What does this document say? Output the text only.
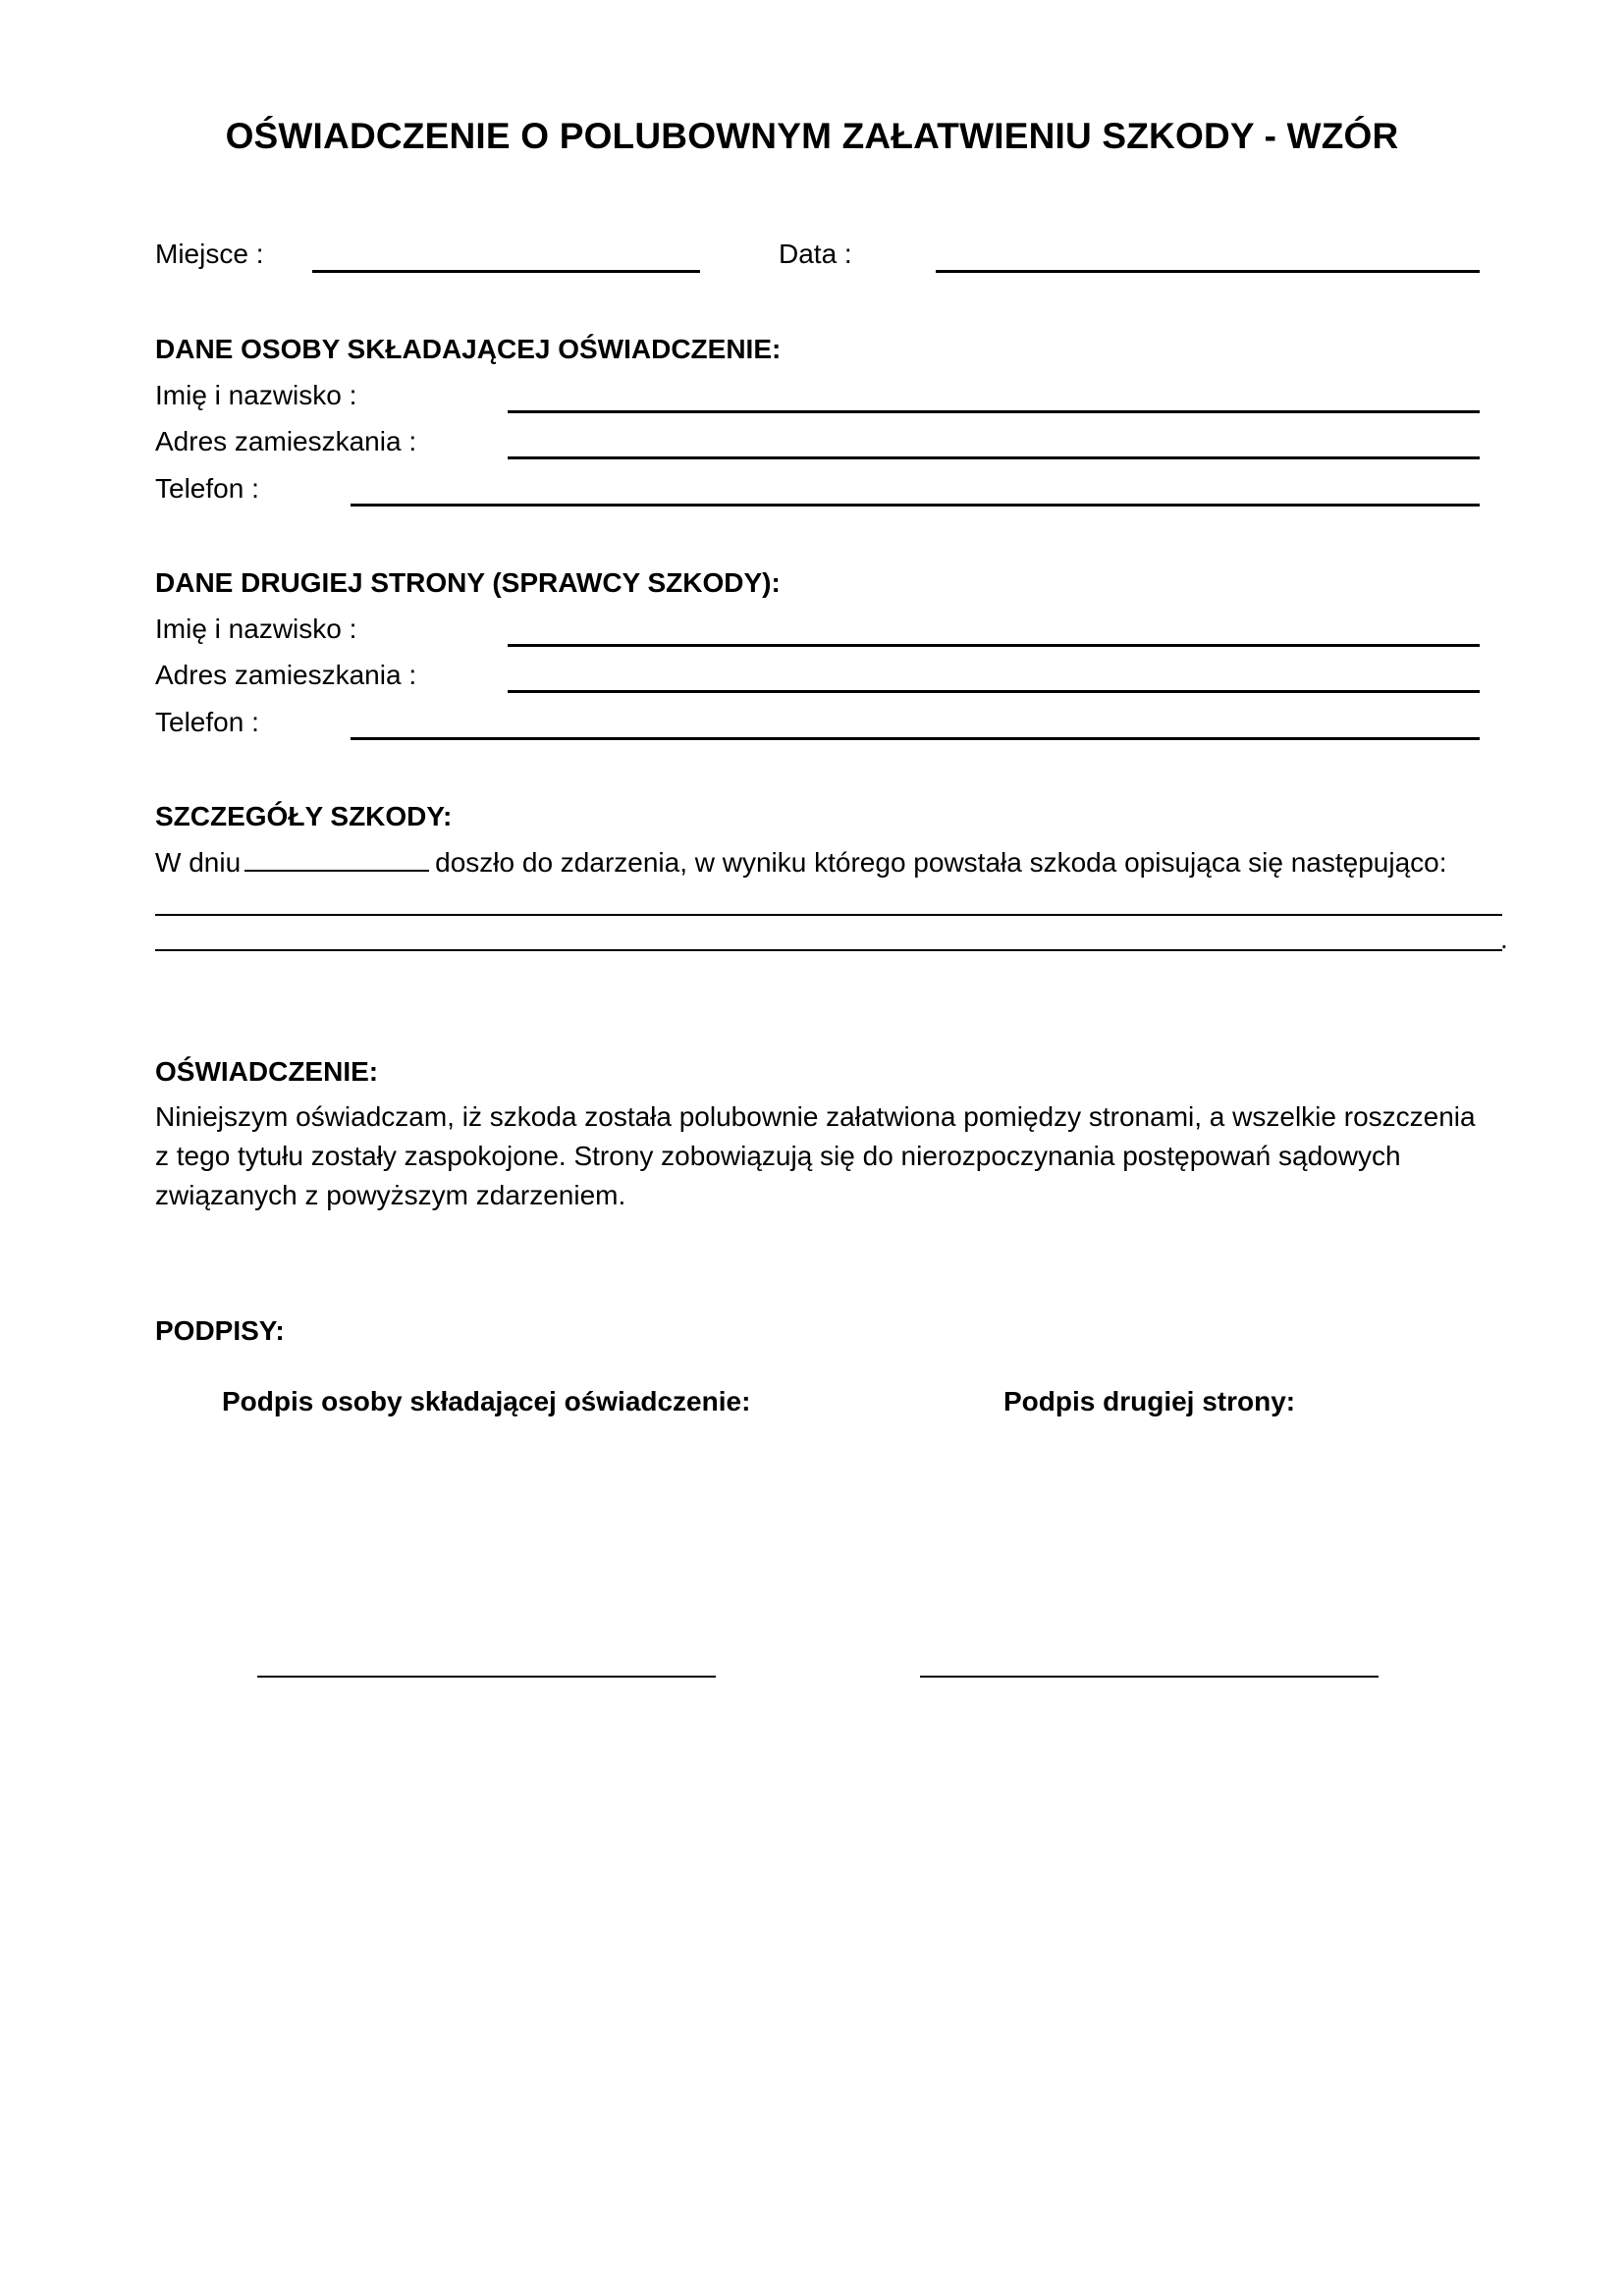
OŚWIADCZENIE O POLUBOWNYM ZAŁATWIENIU SZKODY - WZÓR
Miejsce :	Data :
DANE OSOBY SKŁADAJĄCEJ OŚWIADCZENIE:
Imię i nazwisko :
Adres zamieszkania :
Telefon :
DANE DRUGIEJ STRONY (SPRAWCY SZKODY):
Imię i nazwisko :
Adres zamieszkania :
Telefon :
SZCZEGÓŁY SZKODY:
W dniu	doszło do zdarzenia, w wyniku którego powstała szkoda opisująca się następująco:
.
OŚWIADCZENIE:
Niniejszym oświadczam, iż szkoda została polubownie załatwiona pomiędzy stronami, a wszelkie roszczenia z tego tytułu zostały zaspokojone. Strony zobowiązują się do nierozpoczynania postępowań sądowych związanych z powyższym zdarzeniem.
PODPISY:
Podpis osoby składającej oświadczenie:	Podpis drugiej strony:
